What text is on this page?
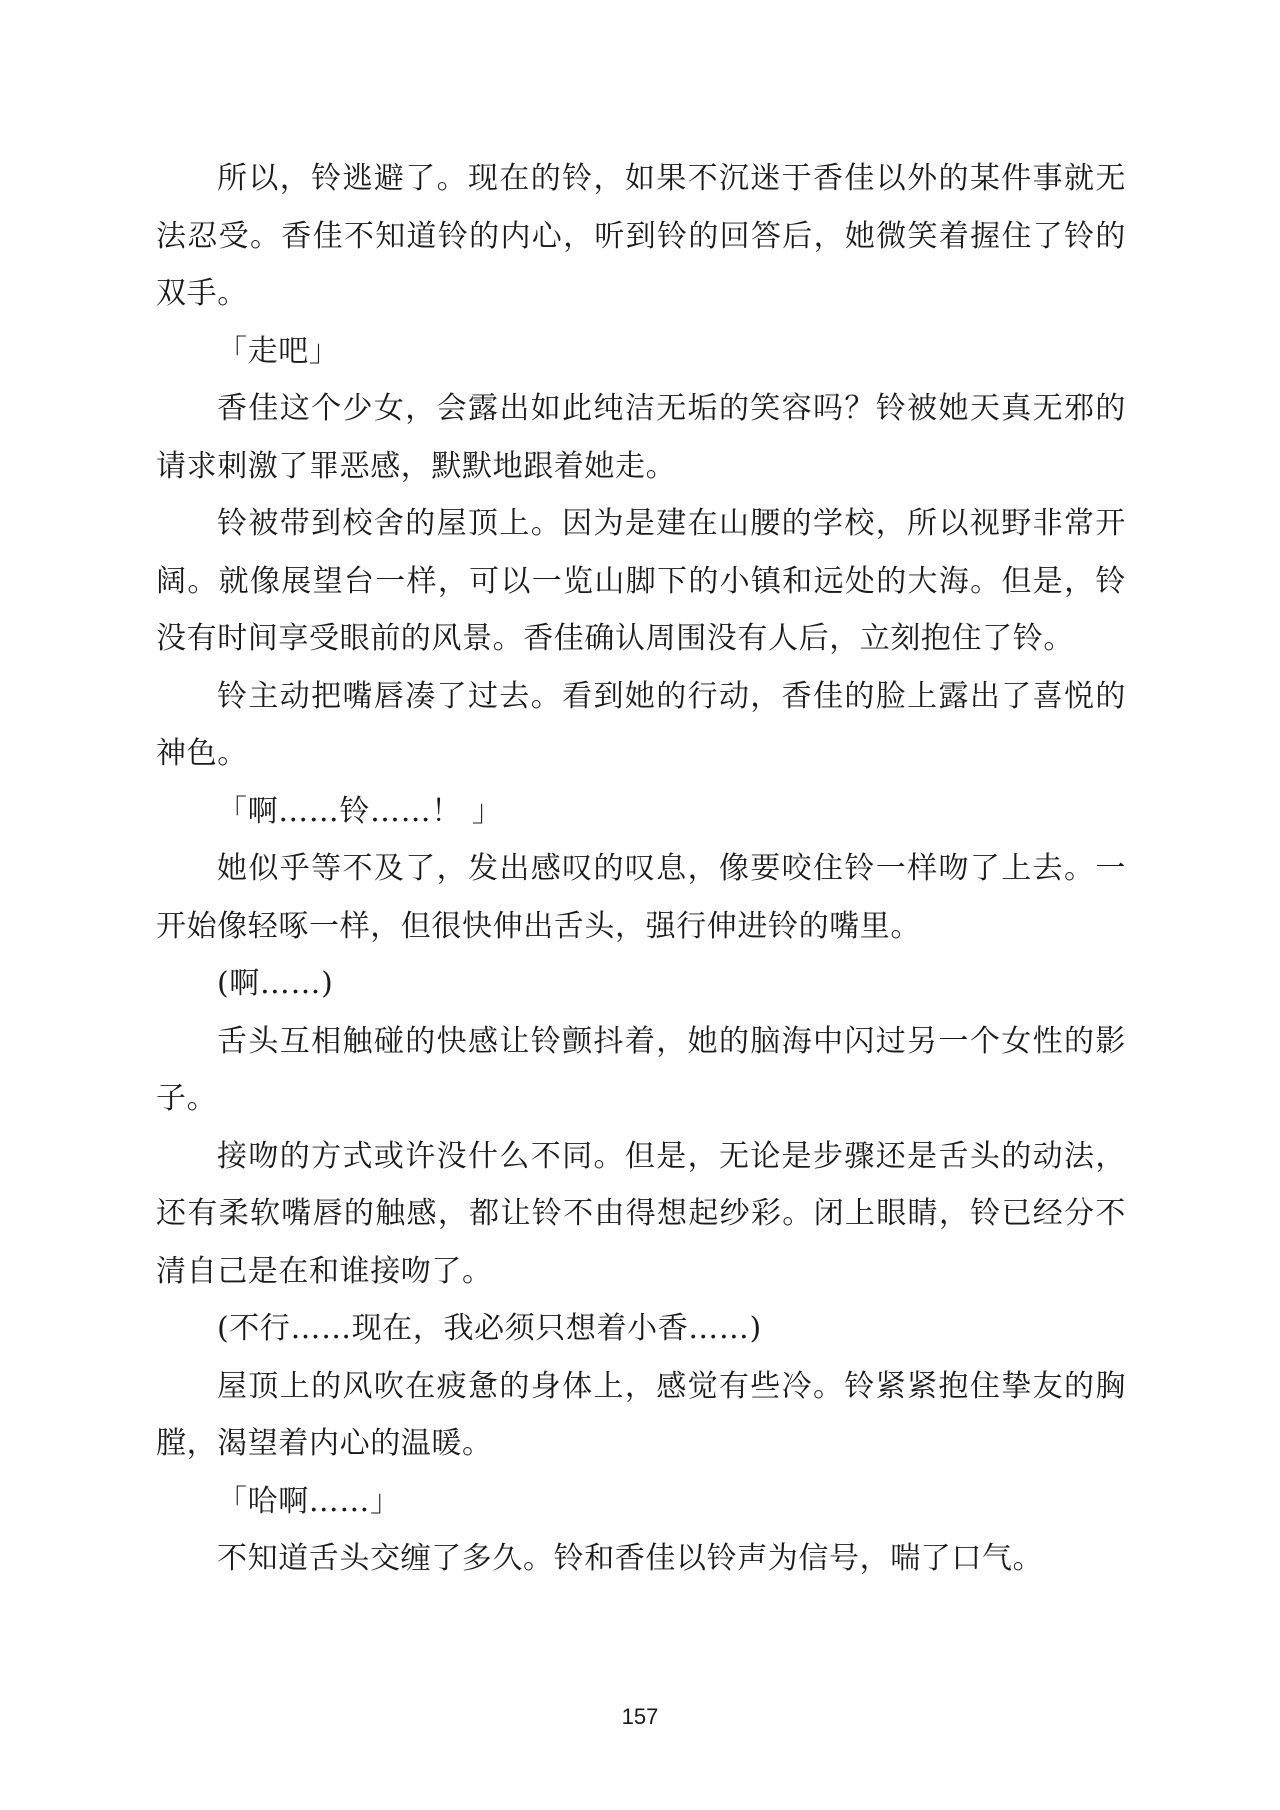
所以，铃逃避了。现在的铃，如果不沉迷于香佳以外的某件事就无法忍受。香佳不知道铃的内心，听到铃的回答后，她微笑着握住了铃的双手。

「走吧」

香佳这个少女，会露出如此纯洁无垢的笑容吗？铃被她天真无邪的请求刺激了罪恶感，默默地跟着她走。

铃被带到校舍的屋顶上。因为是建在山腰的学校，所以视野非常开阔。就像展望台一样，可以一览山脚下的小镇和远处的大海。但是，铃没有时间享受眼前的风景。香佳确认周围没有人后，立刻抱住了铃。

铃主动把嘴唇凑了过去。看到她的行动，香佳的脸上露出了喜悦的神色。

「啊……铃……！ 」

她似乎等不及了，发出感叹的叹息，像要咬住铃一样吻了上去。一开始像轻啄一样，但很快伸出舌头，强行伸进铃的嘴里。

(啊……)

舌头互相触碰的快感让铃颤抖着，她的脑海中闪过另一个女性的影子。

接吻的方式或许没什么不同。但是，无论是步骤还是舌头的动法，还有柔软嘴唇的触感，都让铃不由得想起纱彩。闭上眼睛，铃已经分不清自己是在和谁接吻了。

(不行……现在，我必须只想着小香……)

屋顶上的风吹在疲惫的身体上，感觉有些冷。铃紧紧抱住挚友的胸膛，渴望着内心的温暖。

「哈啊……」

不知道舌头交缠了多久。铃和香佳以铃声为信号，喘了口气。

157
